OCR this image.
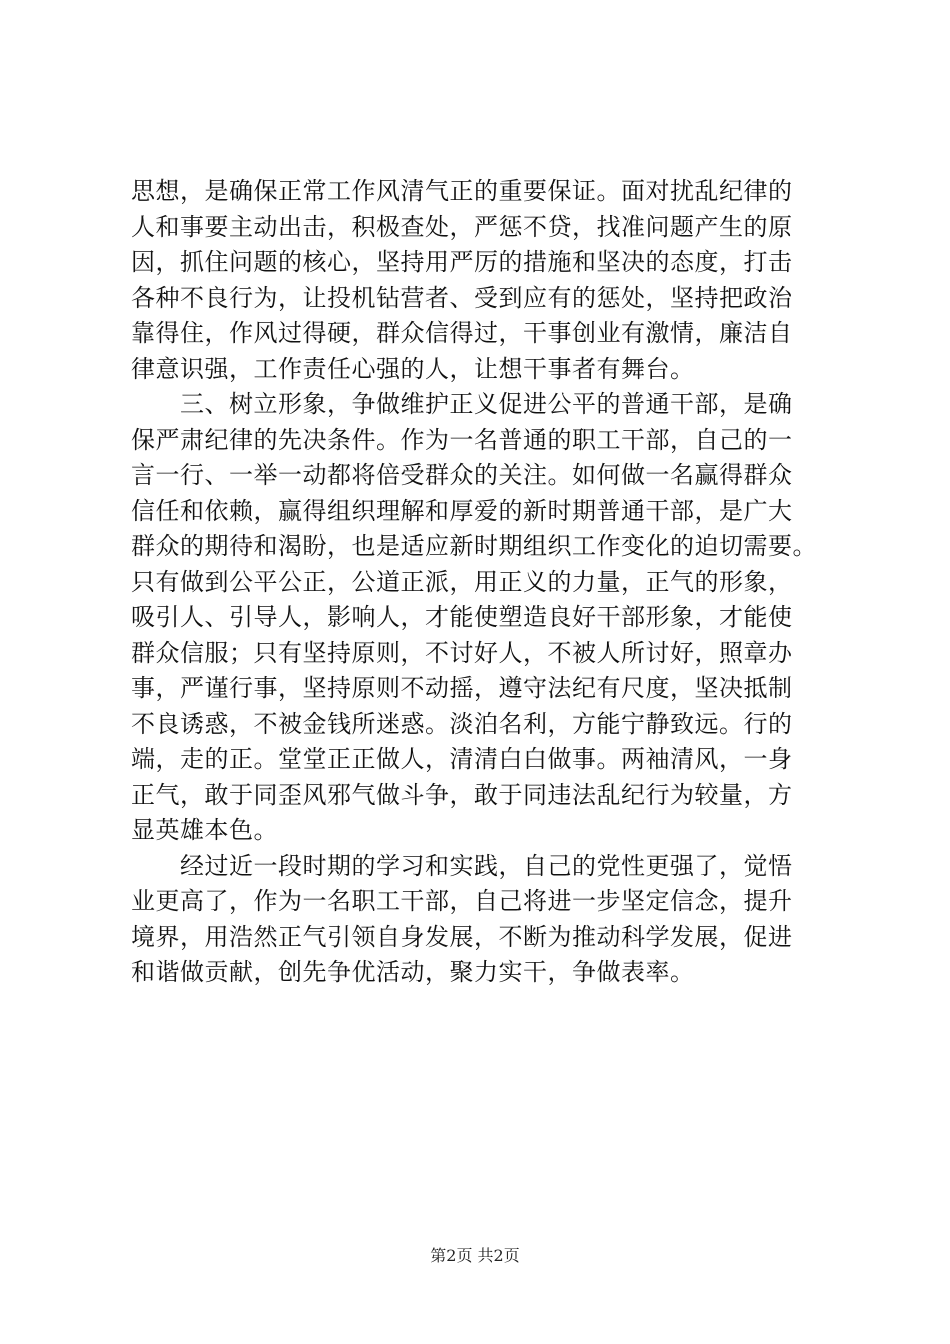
思想，是确保正常工作风清气正的重要保证。面对扰乱纪律的
人和事要主动出击，积极查处，严惩不贷，找准问题产生的原
因，抓住问题的核心，坚持用严厉的措施和坚决的态度，打击
各种不良行为，让投机钻营者、受到应有的惩处，坚持把政治
靠得住，作风过得硬，群众信得过，干事创业有激情，廉洁自
律意识强，工作责任心强的人，让想干事者有舞台。
　　三、树立形象，争做维护正义促进公平的普通干部，是确
保严肃纪律的先决条件。作为一名普通的职工干部，自己的一
言一行、一举一动都将倍受群众的关注。如何做一名赢得群众
信任和依赖，赢得组织理解和厚爱的新时期普通干部，是广大
群众的期待和渴盼，也是适应新时期组织工作变化的迫切需要。
只有做到公平公正，公道正派，用正义的力量，正气的形象，
吸引人、引导人，影响人，才能使塑造良好干部形象，才能使
群众信服；只有坚持原则，不讨好人，不被人所讨好，照章办
事，严谨行事，坚持原则不动摇，遵守法纪有尺度，坚决抵制
不良诱惑，不被金钱所迷惑。淡泊名利，方能宁静致远。行的
端，走的正。堂堂正正做人，清清白白做事。两袖清风，一身
正气，敢于同歪风邪气做斗争，敢于同违法乱纪行为较量，方
显英雄本色。
　　经过近一段时期的学习和实践，自己的党性更强了，觉悟
业更高了，作为一名职工干部，自己将进一步坚定信念，提升
境界，用浩然正气引领自身发展，不断为推动科学发展，促进
和谐做贡献，创先争优活动，聚力实干，争做表率。
第2页 共2页
